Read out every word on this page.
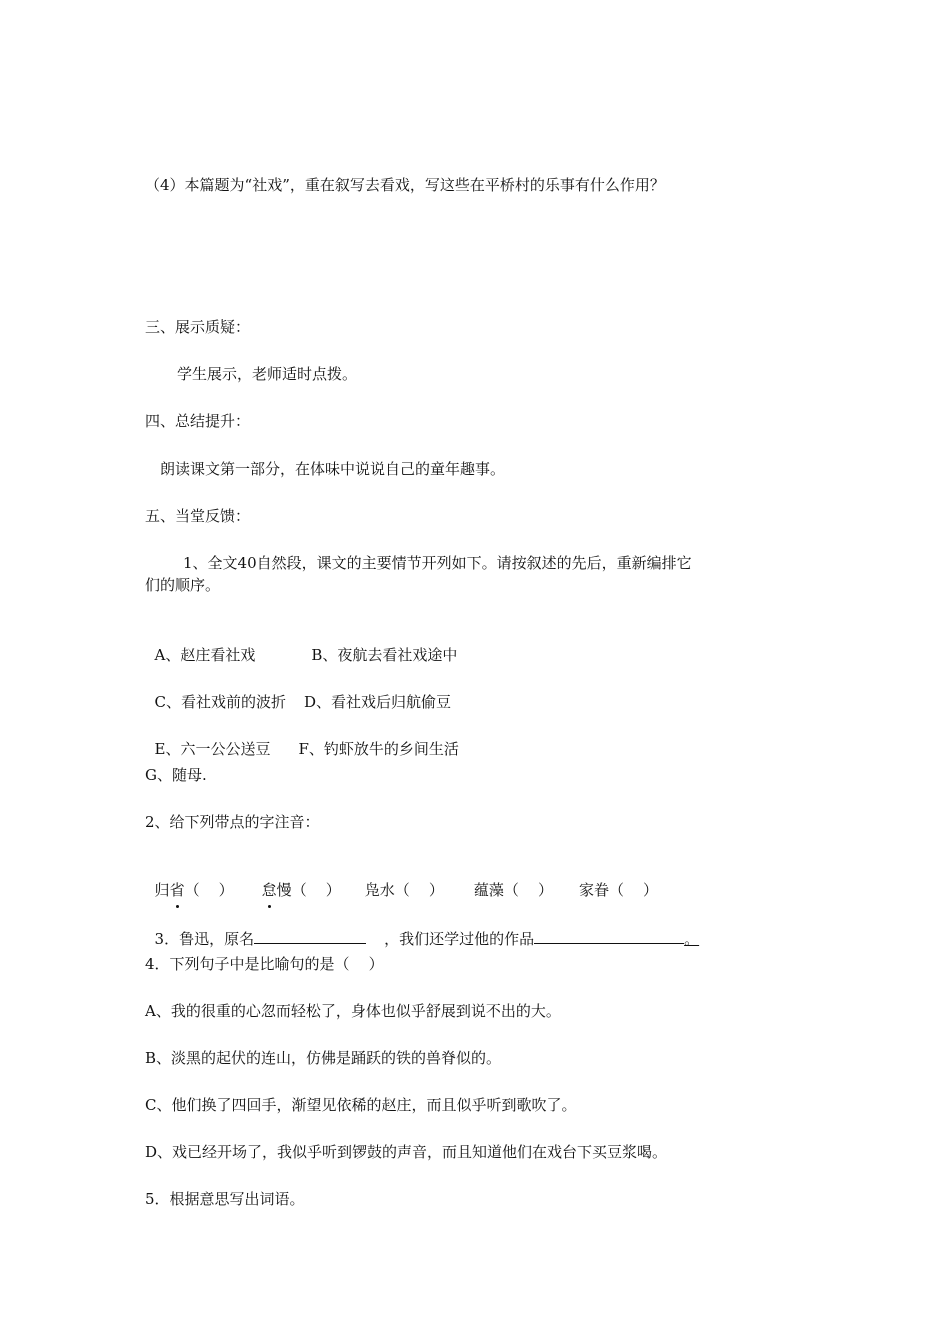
（4）本篇题为“社戏”，重在叙写去看戏，写这些在平桥村的乐事有什么作用？
三、展示质疑：
学生展示，老师适时点拨。
四、总结提升：
朗读课文第一部分，在体味中说说自己的童年趣事。
五、当堂反馈：
1、全文40自然段，课文的主要情节开列如下。请按叙述的先后，重新编排它
们的顺序。

A、赵庄看社戏	B、夜航去看社戏途中

C、看社戏前的波折 D、看社戏后归航偷豆

E、六一公公送豆 F、钓虾放牛的乡间生活

G、随母.
2、给下列带点的字注音：

归省（    ） 怠慢（    ） 凫水（    ） 蕴藻（    ） 家眷（    ）

3．鲁迅，原名	，我们还学过他的作品	。

4．下列句子中是比喻句的是（    ）
A、我的很重的心忽而轻松了，身体也似乎舒展到说不出的大。
B、淡黑的起伏的连山，仿佛是踊跃的铁的兽脊似的。
C、他们换了四回手，渐望见依稀的赵庄，而且似乎听到歌吹了。
D、戏已经开场了，我似乎听到锣鼓的声音，而且知道他们在戏台下买豆浆喝。
5．根据意思写出词语。
